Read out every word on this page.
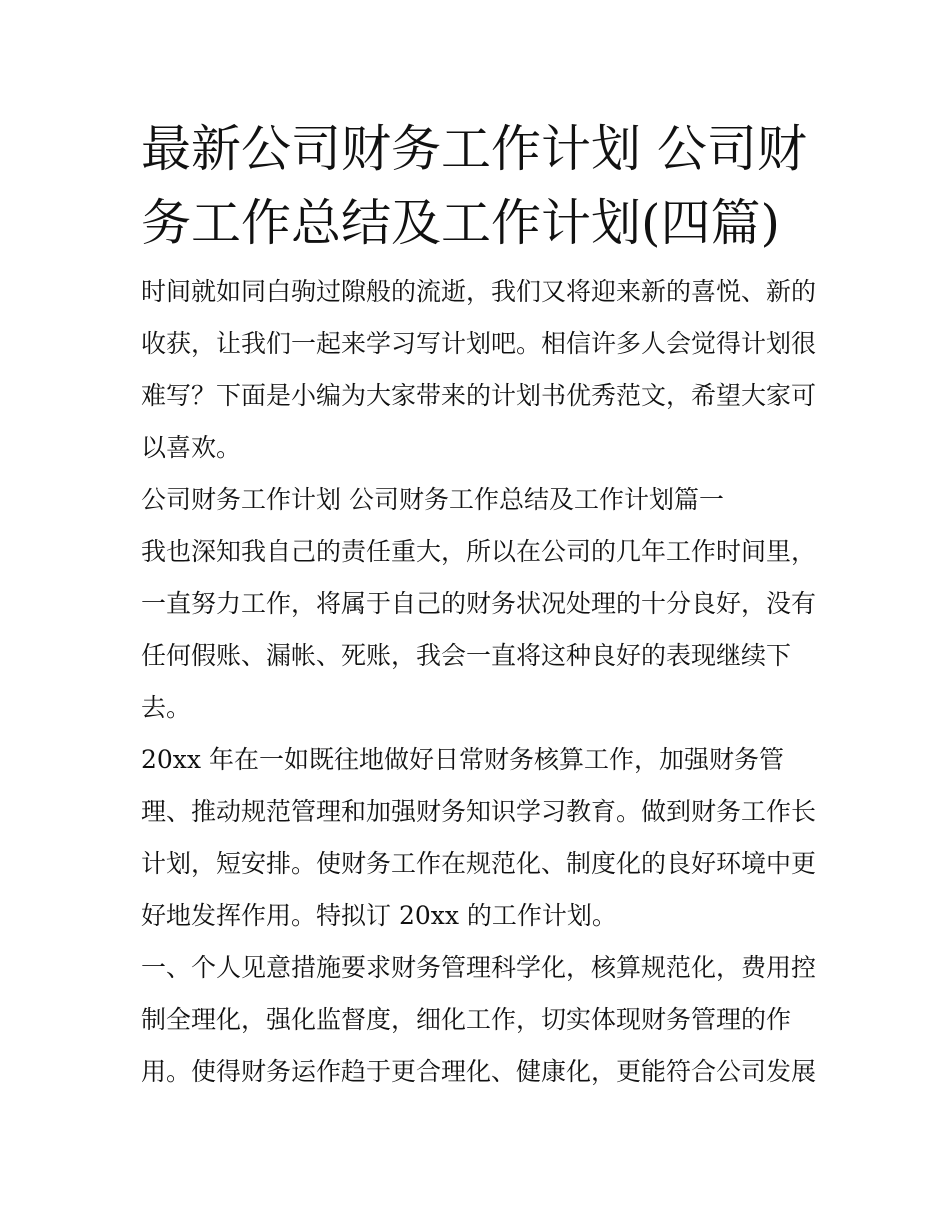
最新公司财务工作计划 公司财
务工作总结及工作计划(四篇)

时间就如同白驹过隙般的流逝，我们又将迎来新的喜悦、新的
收获，让我们一起来学习写计划吧。相信许多人会觉得计划很
难写？下面是小编为大家带来的计划书优秀范文，希望大家可
以喜欢。

公司财务工作计划 公司财务工作总结及工作计划篇一

我也深知我自己的责任重大，所以在公司的几年工作时间里，
一直努力工作，将属于自己的财务状况处理的十分良好，没有
任何假账、漏帐、死账，我会一直将这种良好的表现继续下
去。

20xx 年在一如既往地做好日常财务核算工作，加强财务管
理、推动规范管理和加强财务知识学习教育。做到财务工作长
计划，短安排。使财务工作在规范化、制度化的良好环境中更
好地发挥作用。特拟订 20xx 的工作计划。

一、个人见意措施要求财务管理科学化，核算规范化，费用控
制全理化，强化监督度，细化工作，切实体现财务管理的作
用。使得财务运作趋于更合理化、健康化，更能符合公司发展
